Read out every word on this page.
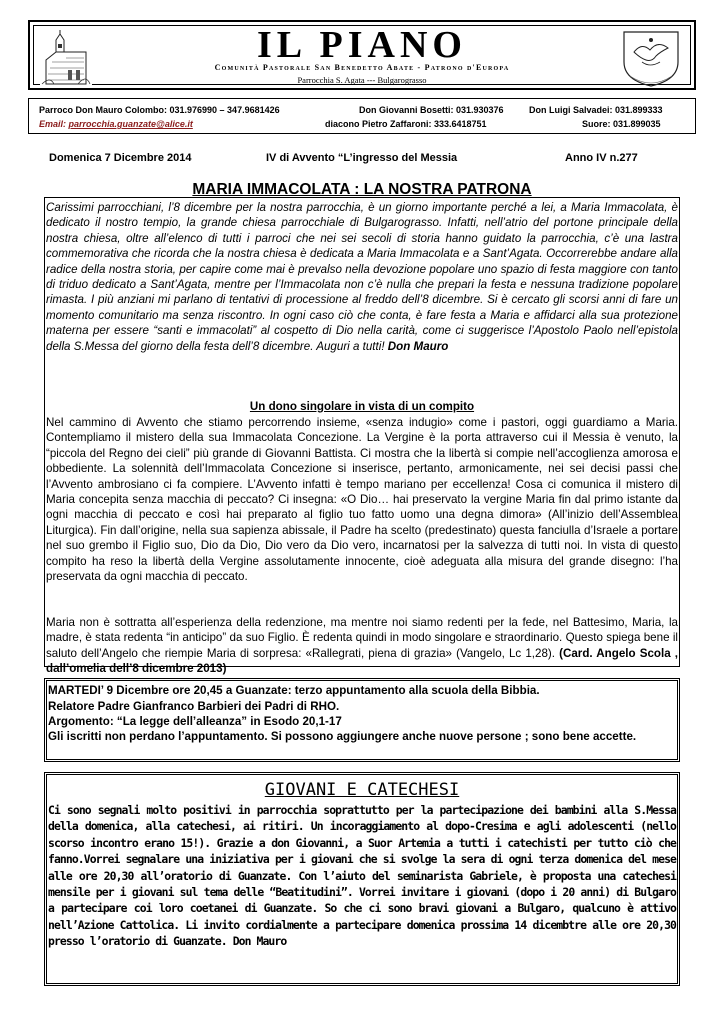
IL PIANO
Comunità Pastorale San Benedetto Abate - Patrono d'Europa
Parrocchia S. Agata --- Bulgarograsso
Parroco Don Mauro Colombo: 031.976990 – 347.9681426
Email: parrocchia.guanzate@alice.it
Don Giovanni Bosetti: 031.930376
diacono Pietro Zaffaroni: 333.6418751
Don Luigi Salvadei: 031.899333
Suore: 031.899035
Domenica 7 Dicembre 2014	IV di Avvento “L’ingresso del Messia	Anno IV n.277
MARIA IMMACOLATA : LA NOSTRA PATRONA
Carissimi parrocchiani, l’8 dicembre per la nostra parrocchia, è un giorno importante perché a lei, a Maria Immacolata, è dedicato il nostro tempio, la grande chiesa parrocchiale di Bulgarograsso. Infatti, nell’atrio del portone principale della nostra chiesa, oltre all’elenco di tutti i parroci che nei sei secoli di storia hanno guidato la parrocchia, c’è una lastra commemorativa che ricorda che la nostra chiesa è dedicata a Maria Immacolata e a Sant’Agata. Occorrerebbe andare alla radice della nostra storia, per capire come mai è prevalso nella devozione popolare uno spazio di festa maggiore con tanto di triduo dedicato a Sant’Agata, mentre per l’Immacolata non c’è nulla che prepari la festa e nessuna tradizione popolare rimasta. I più anziani mi parlano di tentativi di processione al freddo dell’8 dicembre. Si è cercato gli scorsi anni di fare un momento comunitario ma senza riscontro. In ogni caso ciò che conta, è fare festa a Maria e affidarci alla sua protezione materna per essere “santi e immacolati” al cospetto di Dio nella carità, come ci suggerisce l’Apostolo Paolo nell’epistola della S.Messa del giorno della festa dell’8 dicembre. Auguri a tutti! Don Mauro
Un dono singolare in vista di un compito
Nel cammino di Avvento che stiamo percorrendo insieme, «senza indugio» come i pastori, oggi guardiamo a Maria. Contempliamo il mistero della sua Immacolata Concezione. La Vergine è la porta attraverso cui il Messia è venuto, la “piccola del Regno dei cieli” più grande di Giovanni Battista. Ci mostra che la libertà si compie nell’accoglienza amorosa e obbediente. La solennità dell’Immacolata Concezione si inserisce, pertanto, armonicamente, nei sei decisi passi che l’Avvento ambrosiano ci fa compiere. L’Avvento infatti è tempo mariano per eccellenza! Cosa ci comunica il mistero di Maria concepita senza macchia di peccato? Ci insegna: «O Dio… hai preservato la vergine Maria fin dal primo istante da ogni macchia di peccato e così hai preparato al figlio tuo fatto uomo una degna dimora» (All’inizio dell’Assemblea Liturgica). Fin dall’origine, nella sua sapienza abissale, il Padre ha scelto (predestinato) questa fanciulla d’Israele a portare nel suo grembo il Figlio suo, Dio da Dio, Dio vero da Dio vero, incarnatosi per la salvezza di tutti noi. In vista di questo compito ha reso la libertà della Vergine assolutamente innocente, cioè adeguata alla misura del grande disegno: l’ha preservata da ogni macchia di peccato.
Maria non è sottratta all’esperienza della redenzione, ma mentre noi siamo redenti per la fede, nel Battesimo, Maria, la madre, è stata redenta “in anticipo” da suo Figlio. È redenta quindi in modo singolare e straordinario. Questo spiega bene il saluto dell’Angelo che riempie Maria di sorpresa: «Rallegrati, piena di grazia» (Vangelo, Lc 1,28). (Card. Angelo Scola , dall’omelia dell’8 dicembre 2013)
MARTEDI’ 9 Dicembre ore 20,45 a Guanzate: terzo appuntamento alla scuola della Bibbia.
Relatore Padre Gianfranco Barbieri dei Padri di RHO.
Argomento: “La legge dell’alleanza” in Esodo 20,1-17
Gli iscritti non perdano l’appuntamento. Si possono aggiungere anche nuove persone ; sono bene accette.
GIOVANI E CATECHESI
Ci sono segnali molto positivi in parrocchia soprattutto per la partecipazione dei bambini alla S.Messa della domenica, alla catechesi, ai ritiri. Un incoraggiamento al dopo-Cresima e agli adolescenti (nello scorso incontro erano 15!). Grazie a don Giovanni, a Suor Artemia a tutti i catechisti per tutto ciò che fanno.Vorrei segnalare una iniziativa per i giovani che si svolge la sera di ogni terza domenica del mese alle ore 20,30 all’oratorio di Guanzate. Con l’aiuto del seminarista Gabriele, è proposta una catechesi mensile per i giovani sul tema delle “Beatitudini”. Vorrei invitare i giovani (dopo i 20 anni) di Bulgaro a partecipare coi loro coetanei di Guanzate. So che ci sono bravi giovani a Bulgaro, qualcuno è attivo nell’Azione Cattolica. Li invito cordialmente a partecipare domenica prossima 14 dicembtre alle ore 20,30 presso l’oratorio di Guanzate. Don Mauro
